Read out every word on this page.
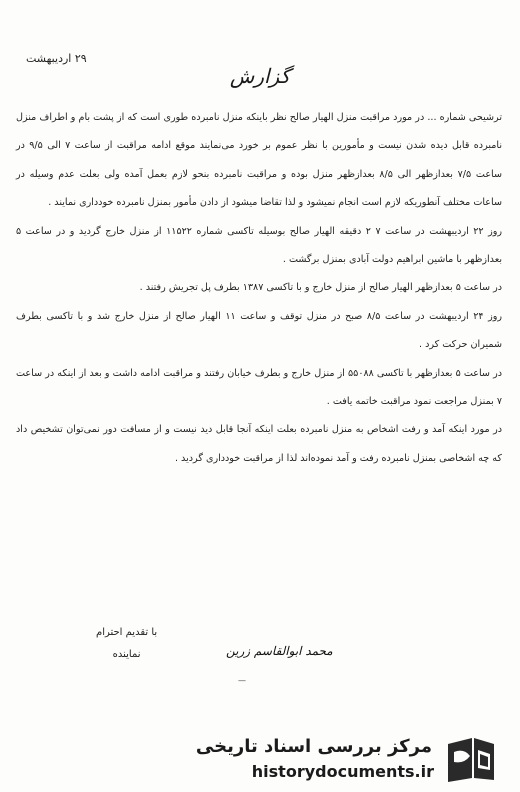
۲۹ اردیبهشت
گزارش

ترشیحی شماره ... در مورد مراقبت منزل الهیار صالح نظر باینکه منزل نامبرده طوری است که از پشت بام و اطراف منزل نامبرده قابل دیده شدن نیست و مأمورین با نظر عموم بر خورد می‌نمایند موقع ادامه مراقبت از ساعت ۷ الی ۹/۵ در ساعت ۷/۵ بعدازظهر الی ۸/۵ بعدازظهر منزل بوده و مراقبت نامبرده بنحو لازم بعمل آمده ولی بعلت عدم وسیله در ساعات مختلف آنطوریکه لازم است انجام نمیشود و لذا تقاضا میشود از دادن مأمور بمنزل نامبرده خودداری نمایند .

روز ۲۲ اردیبهشت در ساعت ۷ ۲ دقیقه الهیار صالح بوسیله تاکسی شماره ۱۱۵۲۲ از منزل خارج گردید و در ساعت ۵ بعدازظهر با ماشین ابراهیم دولت آبادی بمنزل برگشت .

در ساعت ۵ بعدازظهر الهیار صالح از منزل خارج و با تاکسی ۱۳۸۷ بطرف پل تجریش رفتند .

روز ۲۴ اردیبهشت در ساعت ۸/۵ صبح در منزل توقف و ساعت ۱۱ الهیار صالح از منزل خارج شد و با تاکسی بطرف شمیران حرکت کرد .

در ساعت ۵ بعدازظهر با تاکسی ۵۵۰۸۸ از منزل خارج و بطرف خیابان رفتند و مراقبت ادامه داشت و بعد از اینکه در ساعت ۷ بمنزل مراجعت نمود مراقبت خاتمه یافت .

در مورد اینکه آمد و رفت اشخاص به منزل نامبرده بعلت اینکه آنجا قابل دید نیست و از مسافت دور نمی‌توان تشخیص داد که چه اشخاصی بمنزل نامبرده رفت و آمد نموده‌اند لذا از مراقبت خودداری گردید .

با تقدیم احترام
نماینده	محمد ابوالقاسم زرین
—
مرکز بررسی اسناد تاریخی
historydocuments.ir
